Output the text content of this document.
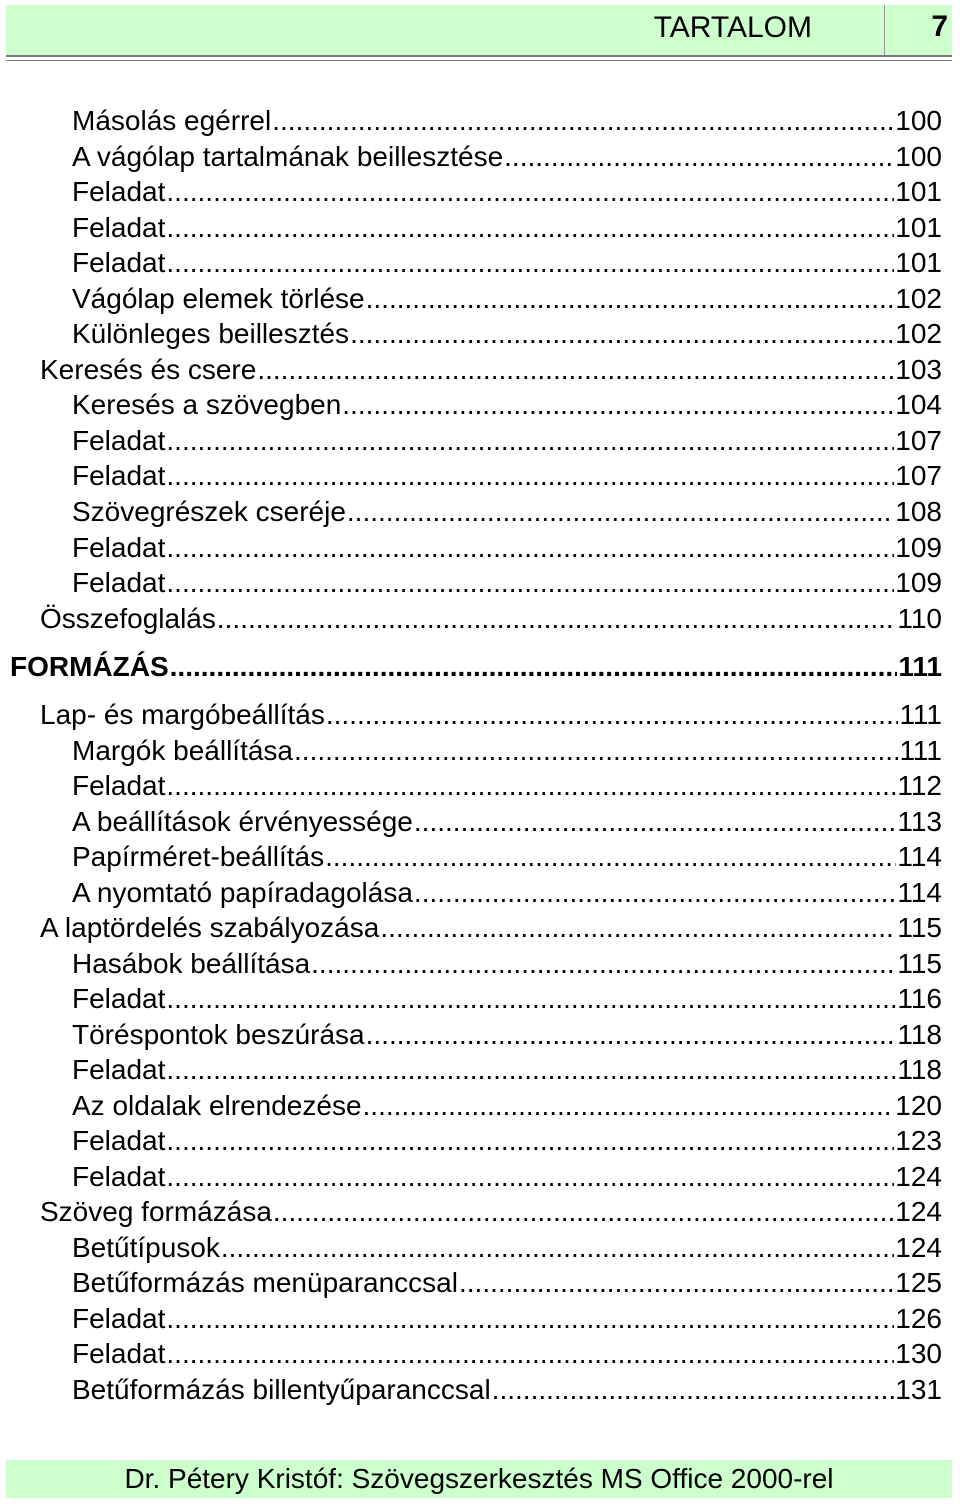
TARTALOM	7
Másolás egérrel .....	100
A vágólap tartalmának beillesztése .....	100
Feladat .....	101
Feladat .....	101
Feladat .....	101
Vágólap elemek törlése .....	102
Különleges beillesztés .....	102
Keresés és csere .....	103
Keresés a szövegben .....	104
Feladat .....	107
Feladat .....	107
Szövegrészek cseréje .....	108
Feladat .....	109
Feladat .....	109
Összefoglalás .....	110
FORMÁZÁS .....	111
Lap- és margóbeállítás .....	111
Margók beállítása .....	111
Feladat .....	112
A beállítások érvényessége .....	113
Papírméret-beállítás .....	114
A nyomtató papíradagolása .....	114
A laptördelés szabályozása .....	115
Hasábok beállítása .....	115
Feladat .....	116
Töréspontok beszúrása .....	118
Feladat .....	118
Az oldalak elrendezése .....	120
Feladat .....	123
Feladat .....	124
Szöveg formázása .....	124
Betűtípusok .....	124
Betűformázás menüparanccsal .....	125
Feladat .....	126
Feladat .....	130
Betűformázás billentyűparanccsal .....	131
Dr. Pétery Kristóf: Szövegszerkesztés MS Office 2000-rel
